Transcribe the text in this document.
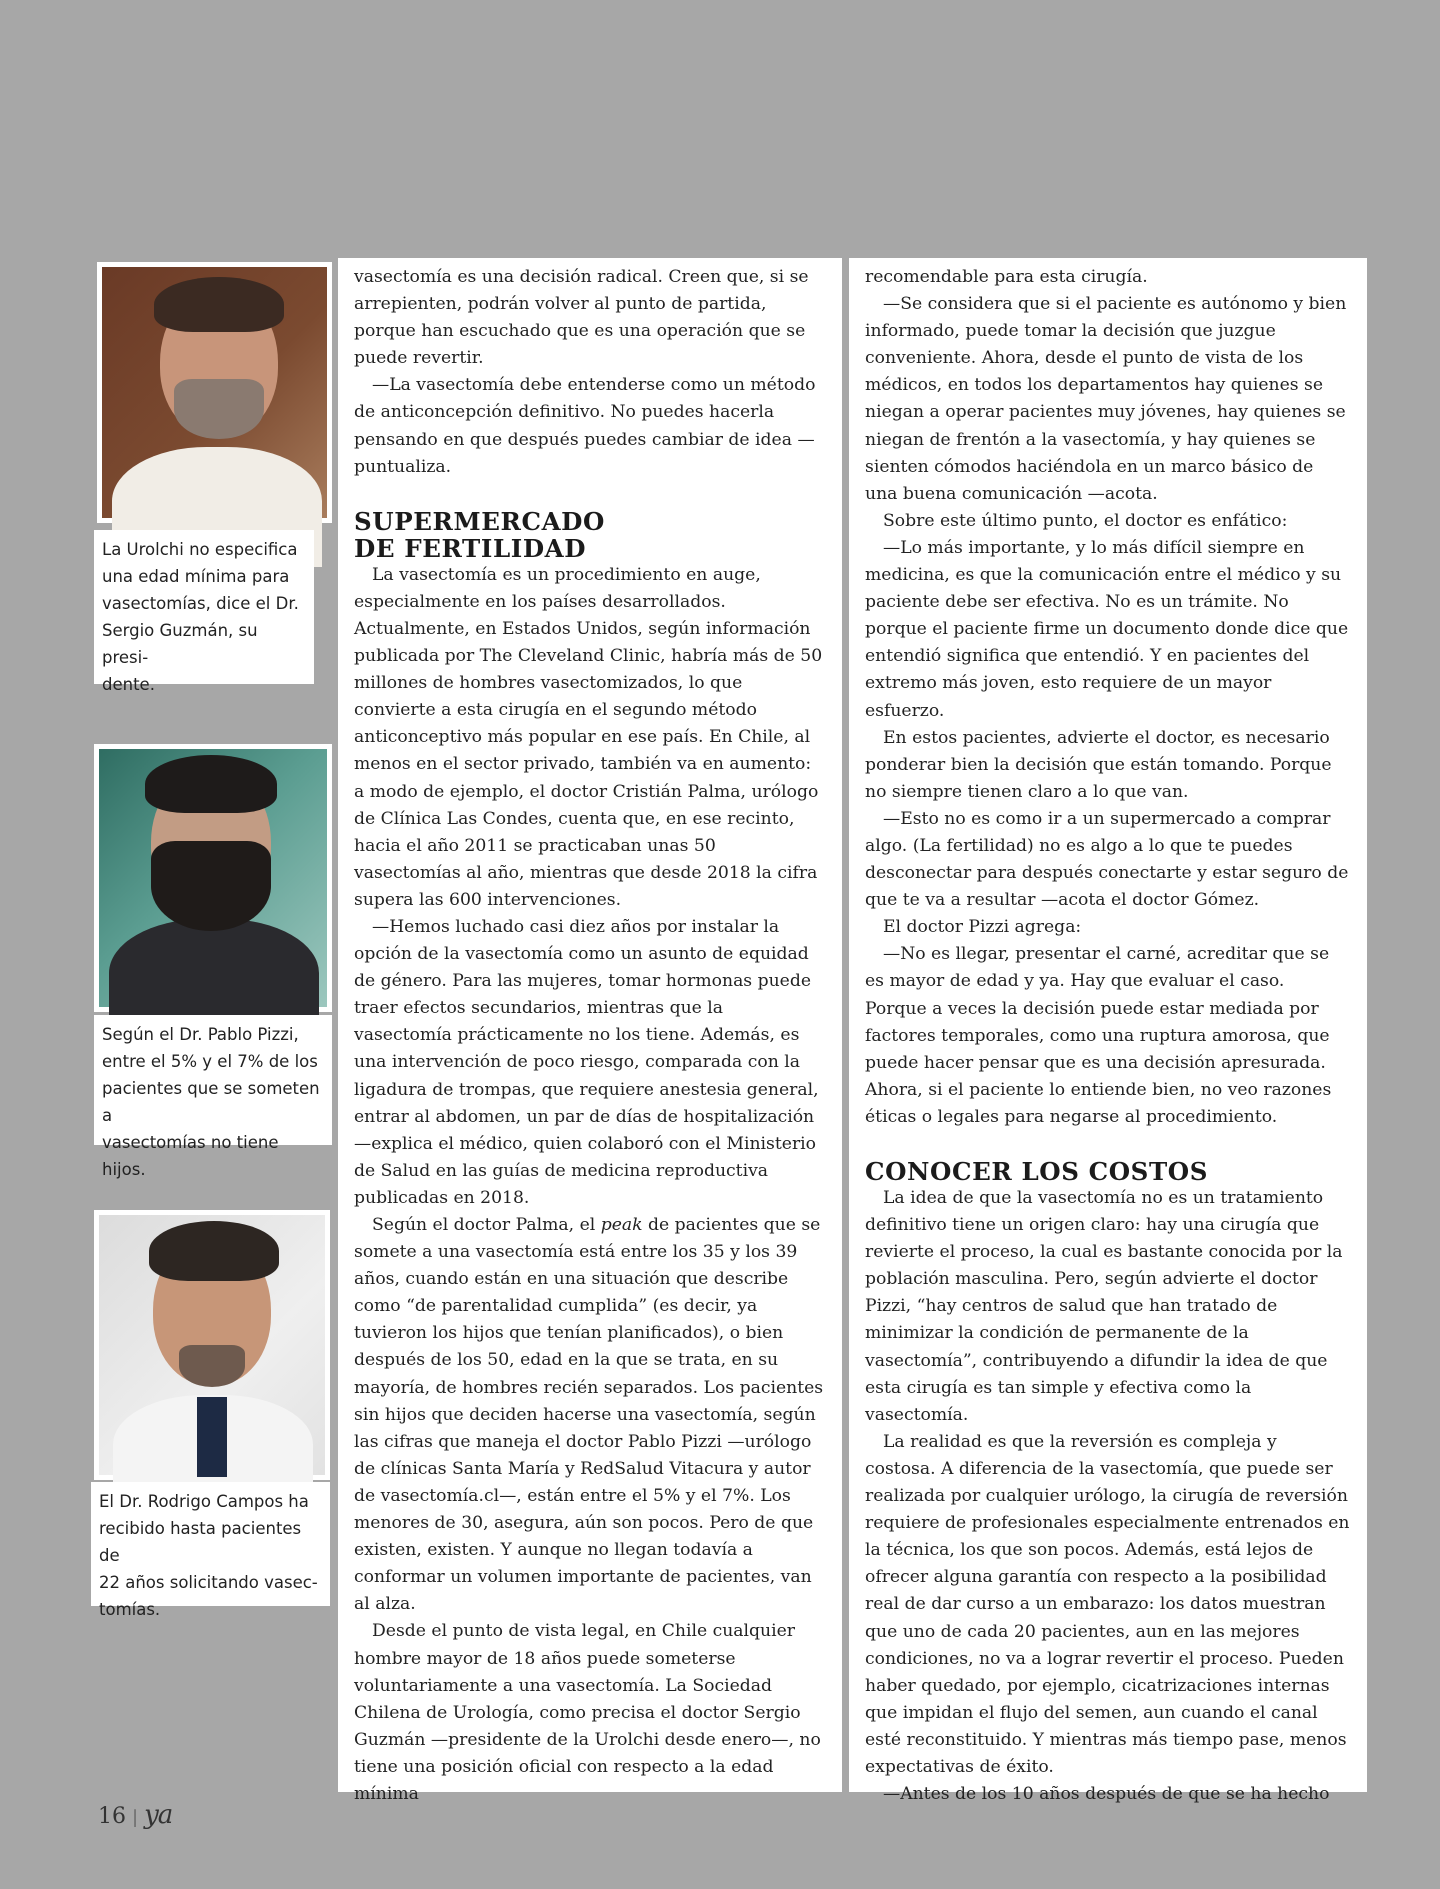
La Urolchi no especifica
una edad mínima para
vasectomías, dice el Dr.
Sergio Guzmán, su presi-
dente.
Según el Dr. Pablo Pizzi,
entre el 5% y el 7% de los
pacientes que se someten a
vasectomías no tiene hijos.
El Dr. Rodrigo Campos ha
recibido hasta pacientes de
22 años solicitando vasec-
tomías.

vasectomía es una decisión radical. Creen que, si se arrepienten, podrán volver al punto de partida, porque han escuchado que es una operación que se puede revertir.

—La vasectomía debe entenderse como un método de anticoncepción definitivo. No puedes hacerla pensando en que después puedes cambiar de idea —puntualiza.

SUPERMERCADO DE FERTILIDAD

La vasectomía es un procedimiento en auge, especialmente en los países desarrollados. Actualmente, en Estados Unidos, según información publicada por The Cleveland Clinic, habría más de 50 millones de hombres vasectomizados, lo que convierte a esta cirugía en el segundo método anticonceptivo más popular en ese país. En Chile, al menos en el sector privado, también va en aumento: a modo de ejemplo, el doctor Cristián Palma, urólogo de Clínica Las Condes, cuenta que, en ese recinto, hacia el año 2011 se practicaban unas 50 vasectomías al año, mientras que desde 2018 la cifra supera las 600 intervenciones.

—Hemos luchado casi diez años por instalar la opción de la vasectomía como un asunto de equidad de género. Para las mujeres, tomar hormonas puede traer efectos secundarios, mientras que la vasectomía prácticamente no los tiene. Además, es una intervención de poco riesgo, comparada con la ligadura de trompas, que requiere anestesia general, entrar al abdomen, un par de días de hospitalización —explica el médico, quien colaboró con el Ministerio de Salud en las guías de medicina reproductiva publicadas en 2018.

Según el doctor Palma, el peak de pacientes que se somete a una vasectomía está entre los 35 y los 39 años, cuando están en una situación que describe como “de parentalidad cumplida” (es decir, ya tuvieron los hijos que tenían planificados), o bien después de los 50, edad en la que se trata, en su mayoría, de hombres recién separados. Los pacientes sin hijos que deciden hacerse una vasectomía, según las cifras que maneja el doctor Pablo Pizzi —urólogo de clínicas Santa María y RedSalud Vitacura y autor de vasectomía.cl—, están entre el 5% y el 7%. Los menores de 30, asegura, aún son pocos. Pero de que existen, existen. Y aunque no llegan todavía a conformar un volumen importante de pacientes, van al alza.

Desde el punto de vista legal, en Chile cualquier hombre mayor de 18 años puede someterse voluntariamente a una vasectomía. La Sociedad Chilena de Urología, como precisa el doctor Sergio Guzmán —presidente de la Urolchi desde enero—, no tiene una posición oficial con respecto a la edad mínima

recomendable para esta cirugía.

—Se considera que si el paciente es autónomo y bien informado, puede tomar la decisión que juzgue conveniente. Ahora, desde el punto de vista de los médicos, en todos los departamentos hay quienes se niegan a operar pacientes muy jóvenes, hay quienes se niegan de frentón a la vasectomía, y hay quienes se sienten cómodos haciéndola en un marco básico de una buena comunicación —acota.

Sobre este último punto, el doctor es enfático:

—Lo más importante, y lo más difícil siempre en medicina, es que la comunicación entre el médico y su paciente debe ser efectiva. No es un trámite. No porque el paciente firme un documento donde dice que entendió significa que entendió. Y en pacientes del extremo más joven, esto requiere de un mayor esfuerzo.

En estos pacientes, advierte el doctor, es necesario ponderar bien la decisión que están tomando. Porque no siempre tienen claro a lo que van.

—Esto no es como ir a un supermercado a comprar algo. (La fertilidad) no es algo a lo que te puedes desconectar para después conectarte y estar seguro de que te va a resultar —acota el doctor Gómez.

El doctor Pizzi agrega:

—No es llegar, presentar el carné, acreditar que se es mayor de edad y ya. Hay que evaluar el caso. Porque a veces la decisión puede estar mediada por factores temporales, como una ruptura amorosa, que puede hacer pensar que es una decisión apresurada. Ahora, si el paciente lo entiende bien, no veo razones éticas o legales para negarse al procedimiento.

CONOCER LOS COSTOS

La idea de que la vasectomía no es un tratamiento definitivo tiene un origen claro: hay una cirugía que revierte el proceso, la cual es bastante conocida por la población masculina. Pero, según advierte el doctor Pizzi, “hay centros de salud que han tratado de minimizar la condición de permanente de la vasectomía”, contribuyendo a difundir la idea de que esta cirugía es tan simple y efectiva como la vasectomía.

La realidad es que la reversión es compleja y costosa. A diferencia de la vasectomía, que puede ser realizada por cualquier urólogo, la cirugía de reversión requiere de profesionales especialmente entrenados en la técnica, los que son pocos. Además, está lejos de ofrecer alguna garantía con respecto a la posibilidad real de dar curso a un embarazo: los datos muestran que uno de cada 20 pacientes, aun en las mejores condiciones, no va a lograr revertir el proceso. Pueden haber quedado, por ejemplo, cicatrizaciones internas que impidan el flujo del semen, aun cuando el canal esté reconstituido. Y mientras más tiempo pase, menos expectativas de éxito.

—Antes de los 10 años después de que se ha hecho

16 | ya
